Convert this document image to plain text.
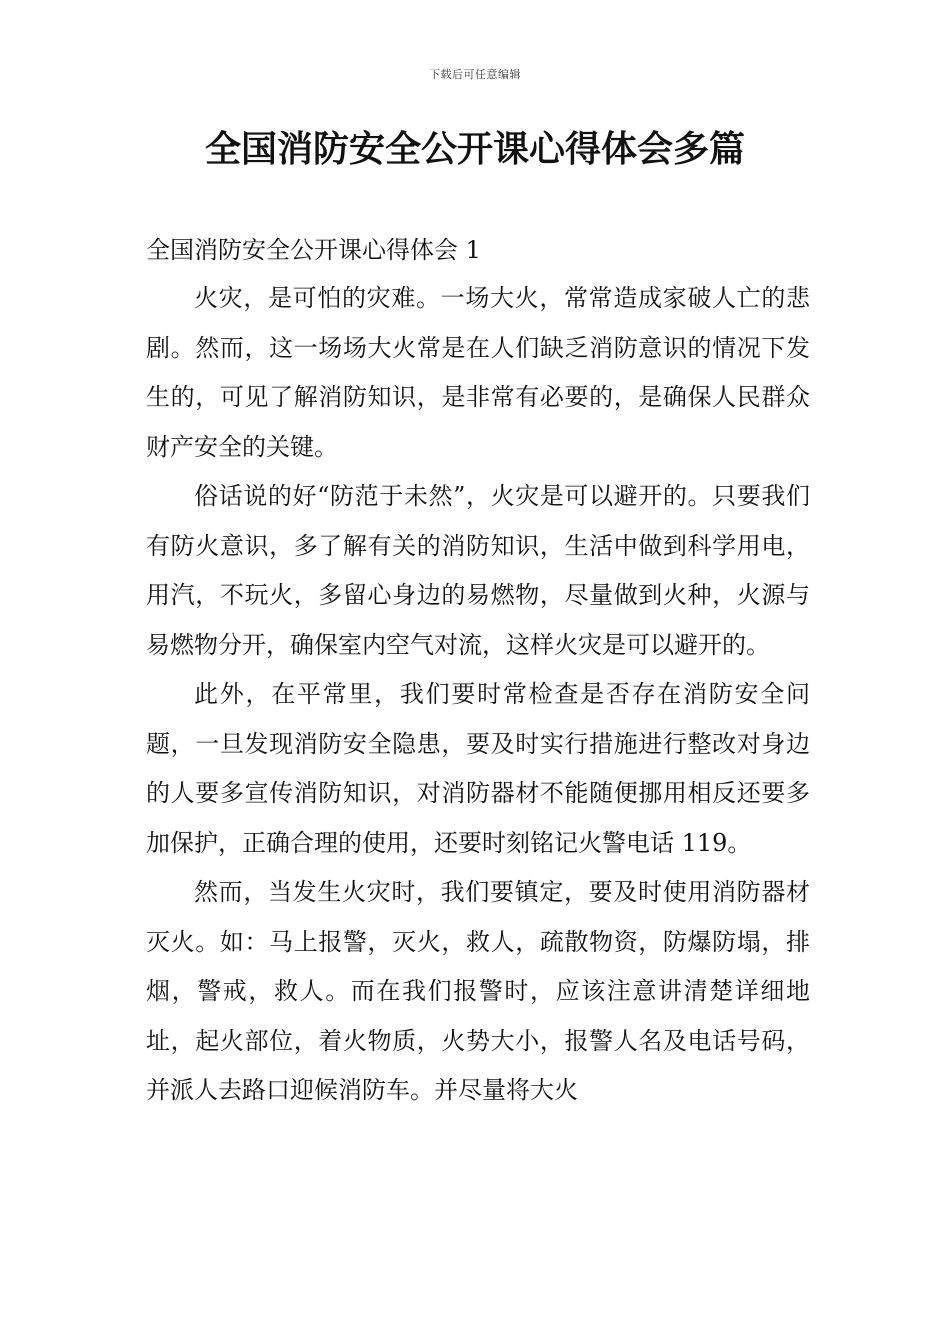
下载后可任意编辑
全国消防安全公开课心得体会多篇

全国消防安全公开课心得体会 1

火灾，是可怕的灾难。一场大火，常常造成家破人亡的悲剧。然而，这一场场大火常是在人们缺乏消防意识的情况下发生的，可见了解消防知识，是非常有必要的，是确保人民群众财产安全的关键。

俗话说的好“防范于未然”，火灾是可以避开的。只要我们有防火意识，多了解有关的消防知识，生活中做到科学用电，用汽，不玩火，多留心身边的易燃物，尽量做到火种，火源与易燃物分开，确保室内空气对流，这样火灾是可以避开的。

此外，在平常里，我们要时常检查是否存在消防安全问题，一旦发现消防安全隐患，要及时实行措施进行整改对身边的人要多宣传消防知识，对消防器材不能随便挪用相反还要多加保护，正确合理的使用，还要时刻铭记火警电话 119。

然而，当发生火灾时，我们要镇定，要及时使用消防器材灭火。如：马上报警，灭火，救人，疏散物资，防爆防塌，排烟，警戒，救人。而在我们报警时，应该注意讲清楚详细地址，起火部位，着火物质，火势大小，报警人名及电话号码，并派人去路口迎候消防车。并尽量将大火
